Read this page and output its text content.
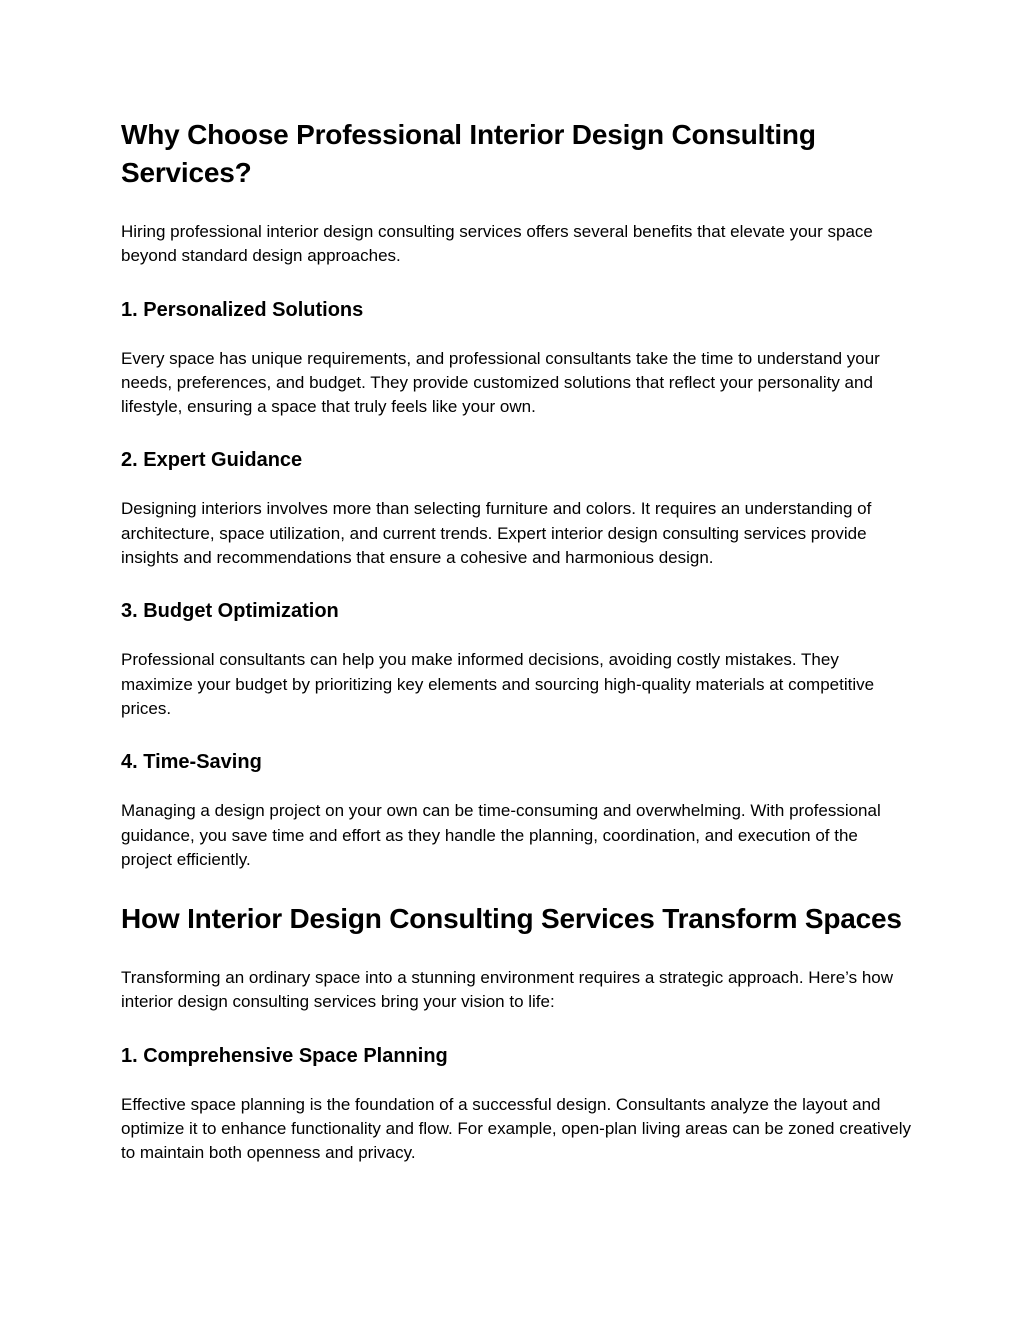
Why Choose Professional Interior Design Consulting Services?

Hiring professional interior design consulting services offers several benefits that elevate your space beyond standard design approaches.

1. Personalized Solutions

Every space has unique requirements, and professional consultants take the time to understand your needs, preferences, and budget. They provide customized solutions that reflect your personality and lifestyle, ensuring a space that truly feels like your own.

2. Expert Guidance

Designing interiors involves more than selecting furniture and colors. It requires an understanding of architecture, space utilization, and current trends. Expert interior design consulting services provide insights and recommendations that ensure a cohesive and harmonious design.

3. Budget Optimization

Professional consultants can help you make informed decisions, avoiding costly mistakes. They maximize your budget by prioritizing key elements and sourcing high-quality materials at competitive prices.

4. Time-Saving

Managing a design project on your own can be time-consuming and overwhelming. With professional guidance, you save time and effort as they handle the planning, coordination, and execution of the project efficiently.

How Interior Design Consulting Services Transform Spaces

Transforming an ordinary space into a stunning environment requires a strategic approach. Here’s how interior design consulting services bring your vision to life:

1. Comprehensive Space Planning

Effective space planning is the foundation of a successful design. Consultants analyze the layout and optimize it to enhance functionality and flow. For example, open-plan living areas can be zoned creatively to maintain both openness and privacy.
